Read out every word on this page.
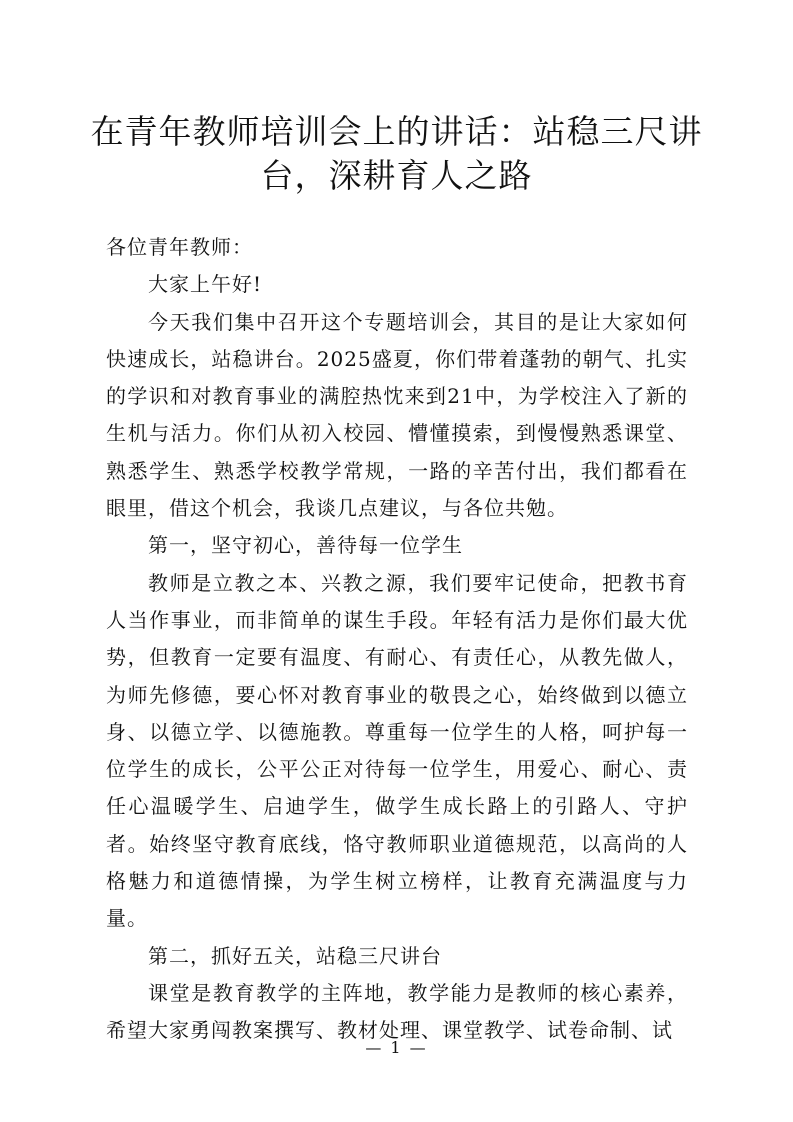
在青年教师培训会上的讲话：站稳三尺讲台，深耕育人之路

各位青年教师：

大家上午好!

今天我们集中召开这个专题培训会，其目的是让大家如何快速成长，站稳讲台。2025盛夏，你们带着蓬勃的朝气、扎实的学识和对教育事业的满腔热忱来到21中，为学校注入了新的生机与活力。你们从初入校园、懵懂摸索，到慢慢熟悉课堂、熟悉学生、熟悉学校教学常规，一路的辛苦付出，我们都看在眼里，借这个机会，我谈几点建议，与各位共勉。

第一，坚守初心，善待每一位学生

教师是立教之本、兴教之源，我们要牢记使命，把教书育人当作事业，而非简单的谋生手段。年轻有活力是你们最大优势，但教育一定要有温度、有耐心、有责任心，从教先做人，为师先修德，要心怀对教育事业的敬畏之心，始终做到以德立身、以德立学、以德施教。尊重每一位学生的人格，呵护每一位学生的成长，公平公正对待每一位学生，用爱心、耐心、责任心温暖学生、启迪学生，做学生成长路上的引路人、守护者。始终坚守教育底线，恪守教师职业道德规范，以高尚的人格魅力和道德情操，为学生树立榜样，让教育充满温度与力量。

第二，抓好五关，站稳三尺讲台

课堂是教育教学的主阵地，教学能力是教师的核心素养，希望大家勇闯教案撰写、教材处理、课堂教学、试卷命制、试

— 1 —
